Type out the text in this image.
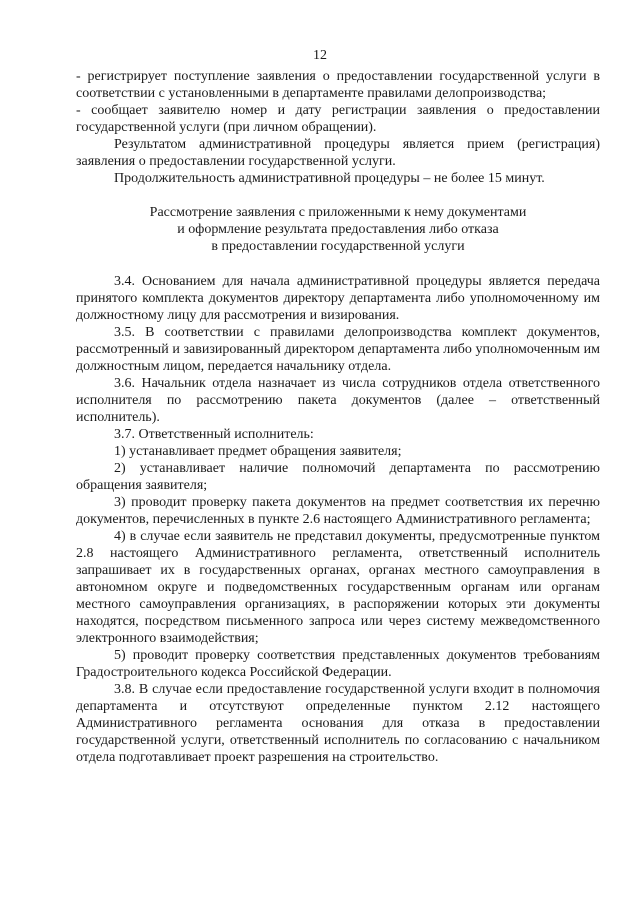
12

- регистрирует поступление заявления о предоставлении государственной услуги в соответствии с установленными в департаменте правилами делопроизводства;

- сообщает заявителю номер и дату регистрации заявления о предоставлении государственной услуги (при личном обращении).

Результатом административной процедуры является прием (регистрация) заявления о предоставлении государственной услуги.

Продолжительность административной процедуры – не более 15 минут.

Рассмотрение заявления с приложенными к нему документами

и оформление результата предоставления либо отказа

в предоставлении государственной услуги

3.4. Основанием для начала административной процедуры является передача принятого комплекта документов директору департамента либо уполномоченному им должностному лицу для рассмотрения и визирования.

3.5. В соответствии с правилами делопроизводства комплект документов, рассмотренный и завизированный директором департамента либо уполномоченным им должностным лицом, передается начальнику отдела.

3.6. Начальник отдела назначает из числа сотрудников отдела ответственного исполнителя по рассмотрению пакета документов (далее – ответственный исполнитель).

3.7. Ответственный исполнитель:

1) устанавливает предмет обращения заявителя;

2) устанавливает наличие полномочий департамента по рассмотрению обращения заявителя;

3) проводит проверку пакета документов на предмет соответствия их перечню документов, перечисленных в пункте 2.6 настоящего Административного регламента;

4) в случае если заявитель не представил документы, предусмотренные пунктом 2.8 настоящего Административного регламента, ответственный исполнитель запрашивает их в государственных органах, органах местного самоуправления в автономном округе и подведомственных государственным органам или органам местного самоуправления организациях, в распоряжении которых эти документы находятся, посредством письменного запроса или через систему межведомственного электронного взаимодействия;

5) проводит проверку соответствия представленных документов требованиям Градостроительного кодекса Российской Федерации.

3.8. В случае если предоставление государственной услуги входит в полномочия департамента и отсутствуют определенные пунктом 2.12 настоящего Административного регламента основания для отказа в предоставлении государственной услуги, ответственный исполнитель по согласованию с начальником отдела подготавливает проект разрешения на строительство.
